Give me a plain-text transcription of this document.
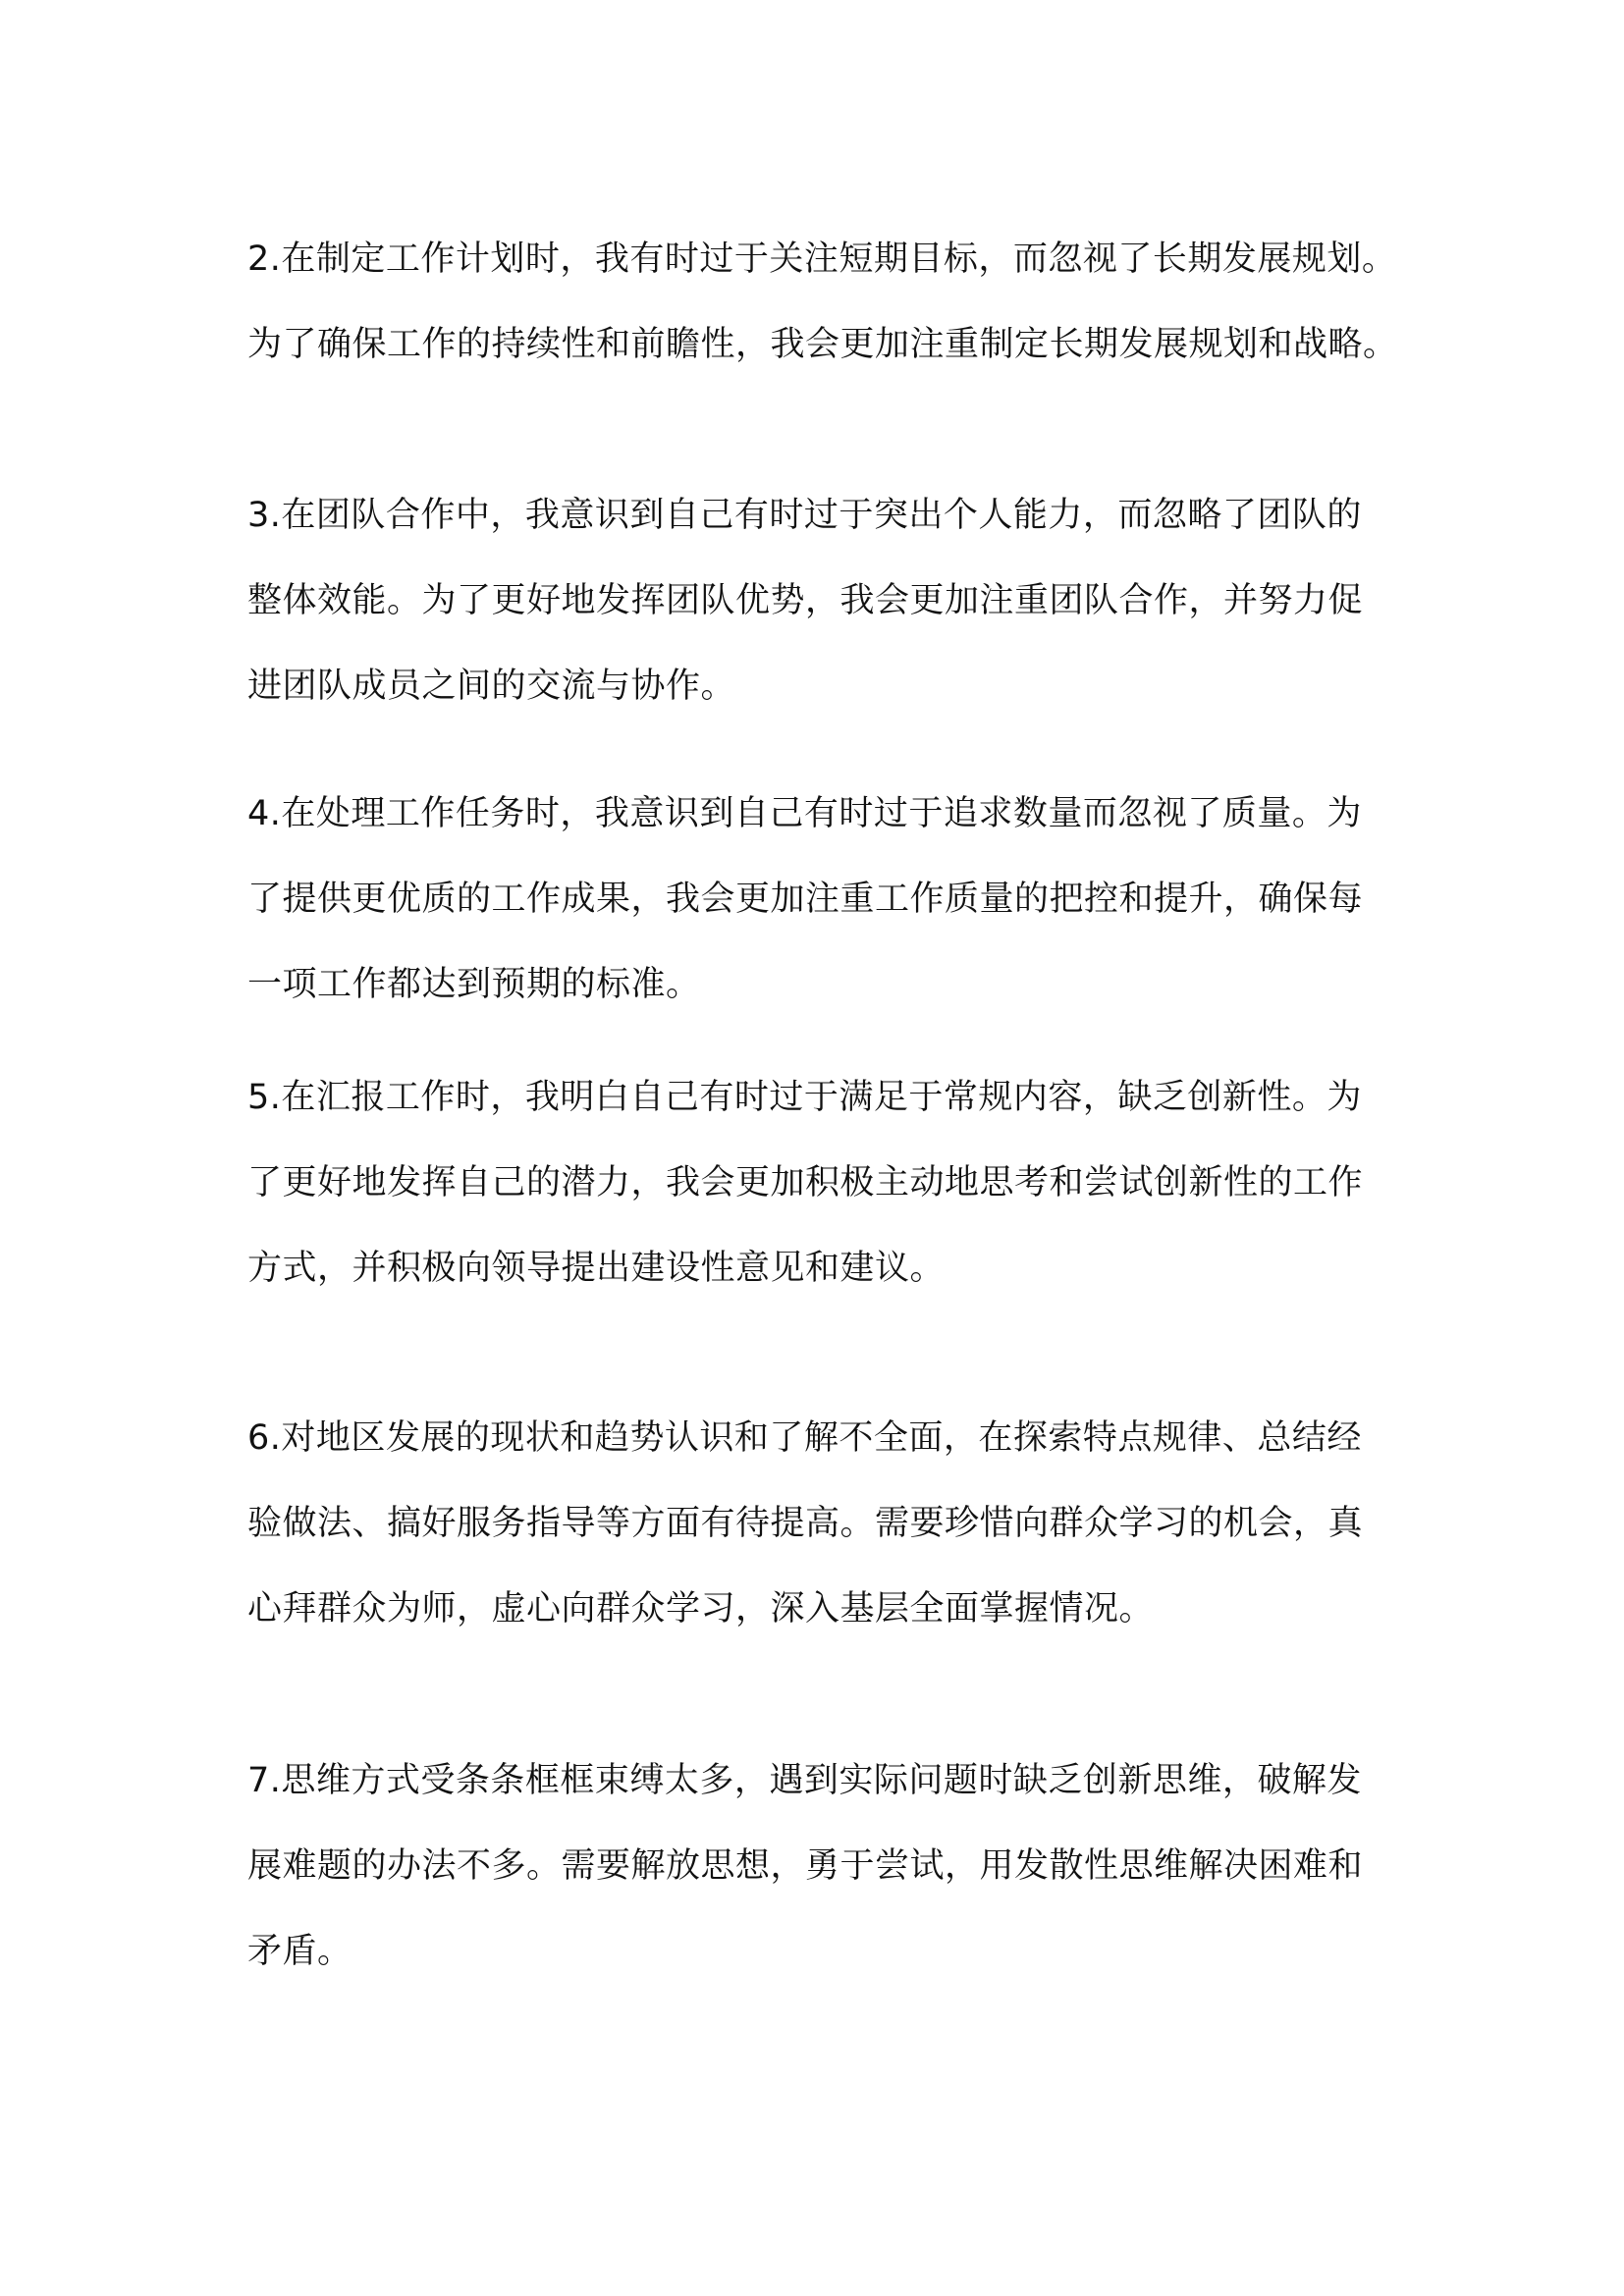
2.在制定工作计划时，我有时过于关注短期目标，而忽视了长期发展规划。
为了确保工作的持续性和前瞻性，我会更加注重制定长期发展规划和战略。

3.在团队合作中，我意识到自己有时过于突出个人能力，而忽略了团队的
整体效能。为了更好地发挥团队优势，我会更加注重团队合作，并努力促
进团队成员之间的交流与协作。

4.在处理工作任务时，我意识到自己有时过于追求数量而忽视了质量。为
了提供更优质的工作成果，我会更加注重工作质量的把控和提升，确保每
一项工作都达到预期的标准。

5.在汇报工作时，我明白自己有时过于满足于常规内容，缺乏创新性。为
了更好地发挥自己的潜力，我会更加积极主动地思考和尝试创新性的工作
方式，并积极向领导提出建设性意见和建议。

6.对地区发展的现状和趋势认识和了解不全面，在探索特点规律、总结经
验做法、搞好服务指导等方面有待提高。需要珍惜向群众学习的机会，真
心拜群众为师，虚心向群众学习，深入基层全面掌握情况。

7.思维方式受条条框框束缚太多，遇到实际问题时缺乏创新思维，破解发
展难题的办法不多。需要解放思想，勇于尝试，用发散性思维解决困难和
矛盾。
